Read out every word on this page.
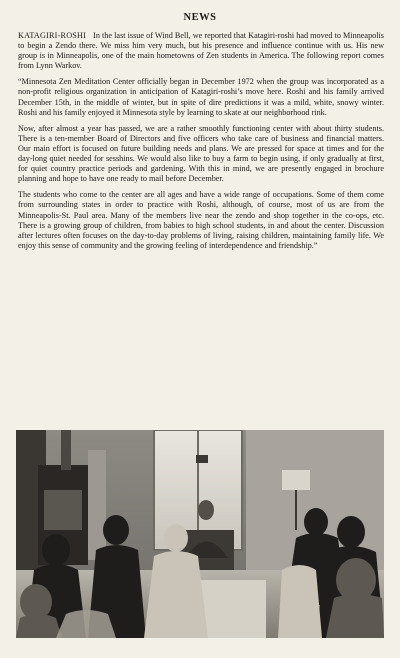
NEWS

KATAGIRI-ROSHI In the last issue of Wind Bell, we reported that Katagiri-roshi had moved to Minneapolis to begin a Zendo there. We miss him very much, but his presence and influence continue with us. His new group is in Minneapolis, one of the main hometowns of Zen students in America. The following report comes from Lynn Warkov.

“Minnesota Zen Meditation Center officially began in December 1972 when the group was incorporated as a non-profit religious organization in anticipation of Katagiri-roshi’s move here. Roshi and his family arrived December 15th, in the middle of winter, but in spite of dire predictions it was a mild, white, snowy winter. Roshi and his family enjoyed it Minnesota style by learning to skate at our neighborhood rink.

Now, after almost a year has passed, we are a rather smoothly functioning center with about thirty students. There is a ten-member Board of Directors and five officers who take care of business and financial matters. Our main effort is focused on future building needs and plans. We are pressed for space at times and for the day-long quiet needed for sesshins. We would also like to buy a farm to begin using, if only gradually at first, for quiet country practice periods and gardening. With this in mind, we are presently engaged in brochure planning and hope to have one ready to mail before December.

The students who come to the center are all ages and have a wide range of occupations. Some of them come from surrounding states in order to practice with Roshi, although, of course, most of us are from the Minneapolis-St. Paul area. Many of the members live near the zendo and shop together in the co-ops, etc. There is a growing group of children, from babies to high school students, in and about the center. Discussion after lectures often focuses on the day-to-day problems of living, raising children, maintaining family life. We enjoy this sense of community and the growing feeling of interdependence and friendship.”
